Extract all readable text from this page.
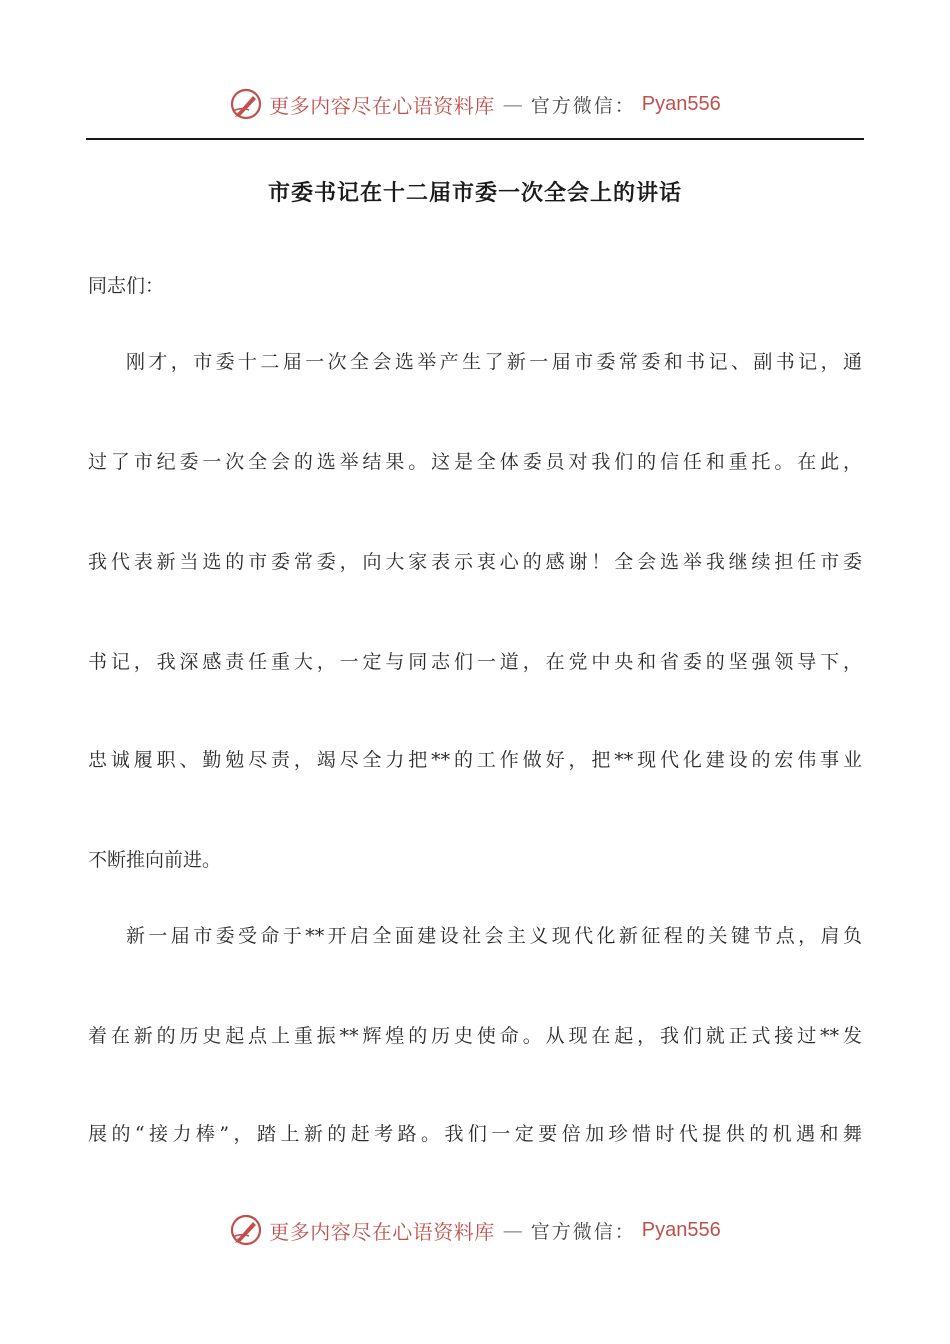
更多内容尽在心语资料库 — 官方微信： Pyan556
市委书记在十二届市委一次全会上的讲话
同志们：
刚才，市委十二届一次全会选举产生了新一届市委常委和书记、副书记，通
过了市纪委一次全会的选举结果。这是全体委员对我们的信任和重托。在此，
我代表新当选的市委常委，向大家表示衷心的感谢！全会选举我继续担任市委
书记，我深感责任重大，一定与同志们一道，在党中央和省委的坚强领导下，
忠诚履职、勤勉尽责，竭尽全力把**的工作做好，把**现代化建设的宏伟事业
不断推向前进。
新一届市委受命于**开启全面建设社会主义现代化新征程的关键节点，肩负
着在新的历史起点上重振**辉煌的历史使命。从现在起，我们就正式接过**发
展的“接力棒”，踏上新的赶考路。我们一定要倍加珍惜时代提供的机遇和舞
更多内容尽在心语资料库 — 官方微信： Pyan556
